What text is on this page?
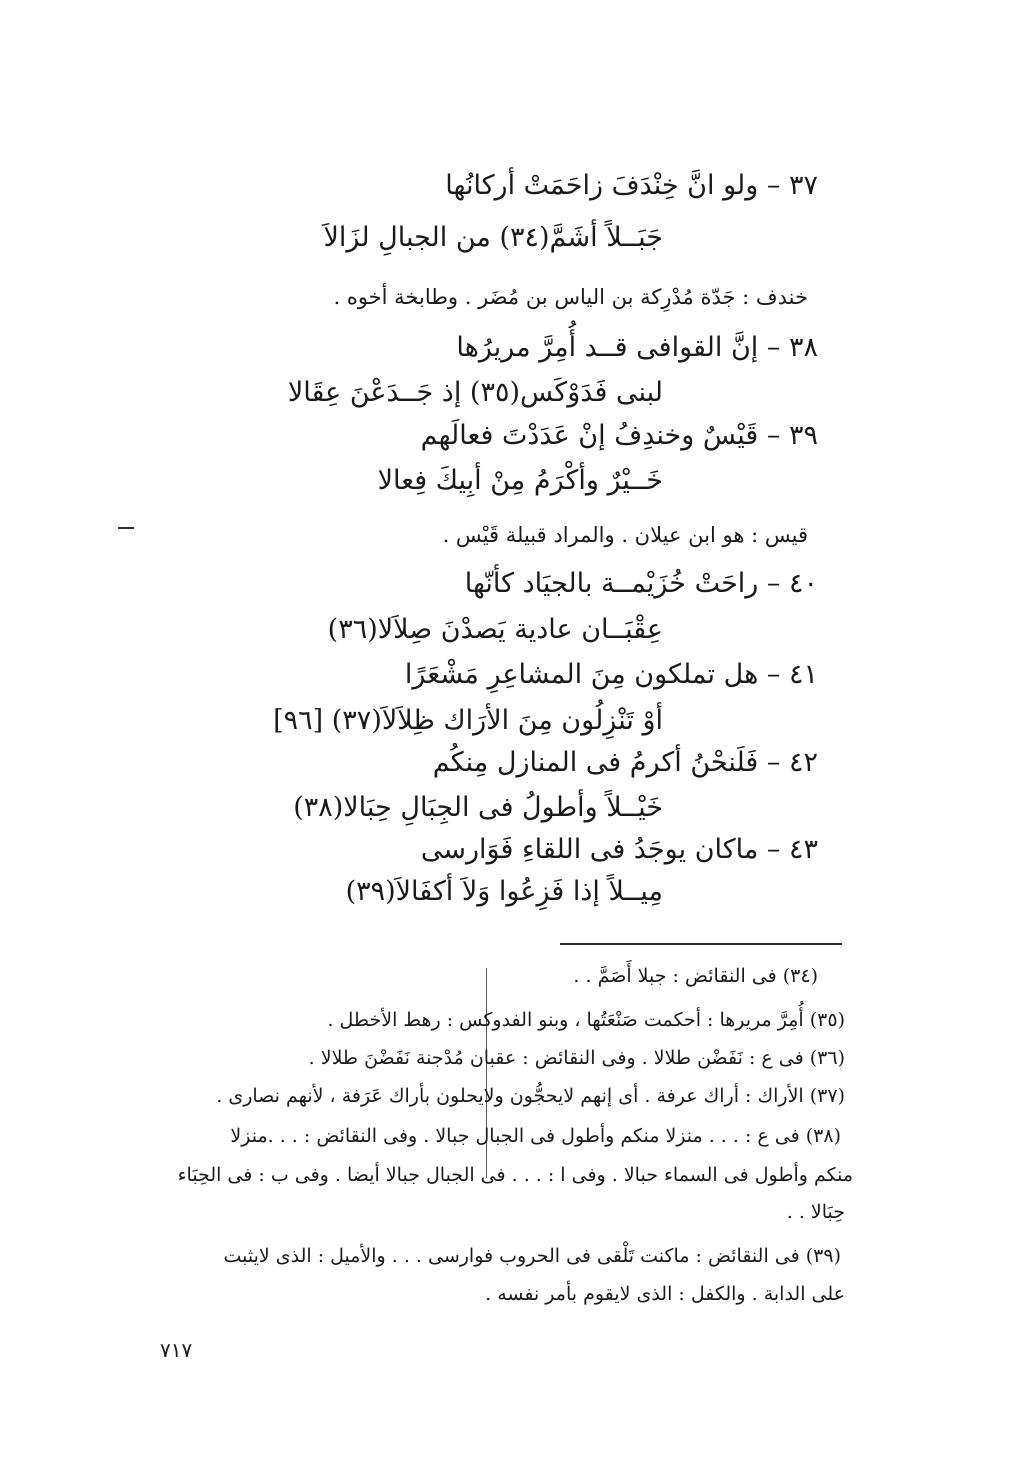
٣٧ – ولو انَّ خِنْدَفَ زاحَمَتْ أركانُها
جَبَــلاً أشَمَّ(٣٤) من الجبالِ لزَالاَ
خندف : جَدّة مُدْرِكة بن الياس بن مُضَر . وطابخة أخوه .
٣٨ – إنَّ القوافى قــد أُمِرَّ مريرُها
لبنى فَدَوْكَس(٣٥) إذ جَــدَعْنَ عِقَالا
٣٩ – قَيْسٌ وخندِفُ إنْ عَدَدْتَ فعالَهم
خَــيْرٌ وأكْرَمُ مِنْ أبِيكَ فِعالا
قيس : هو ابن عيلان . والمراد قبيلة قَيْس .
٤٠ – راحَتْ خُزَيْمــة بالجيَاد كأنّها
عِقْبَــان عادية يَصدْنَ صِلاَلا(٣٦)
٤١ – هل تملكون مِنَ المشاعِرِ مَشْعَرًا
أوْ تَنْزِلُون مِنَ الأرَاك ظِلاَلاَ(٣٧) [٩٦]
٤٢ – فَلَنحْنُ أكرمُ فى المنازل مِنكُم
خَيْــلاً وأطولُ فى الجِبَالِ حِبَالا(٣٨)
٤٣ – ماكان يوجَدُ فى اللقاءِ فَوَارسى
مِيــلاً إذا فَزِعُوا وَلاَ أكفَالاَ(٣٩)
(٣٤) فى النقائض : جبلا أَصَمَّ . .
(٣٥) أُمِرَّ مريرها : أحكمت صَنْعَتُها ، وبنو الفدوكس : رهط الأخطل .
(٣٦) فى ع : نَفَضْن طلالا . وفى النقائض : عقبان مُدْجنة نَفَضْنَ طلالا .
(٣٧) الأراك : أراك عرفة . أى إنهم لايحجُّون ولايحلون بأراك عَرَفة ، لأنهم نصارى .
(٣٨) فى ع : . . . منزلا منكم وأطول فى الجبال جبالا . وفى النقائض : . . .منزلا
منكم وأطول فى السماء حبالا . وفى ا : . . . فى الجبال جبالا أيضا . وفى ب : فى الحِبَاء
حِبَالا . .
(٣٩) فى النقائض : ماكنت تَلْقى فى الحروب فوارسى . . . والأميل : الذى لايثبت
على الدابة . والكفل : الذى لايقوم بأمر نفسه .
٧١٧
